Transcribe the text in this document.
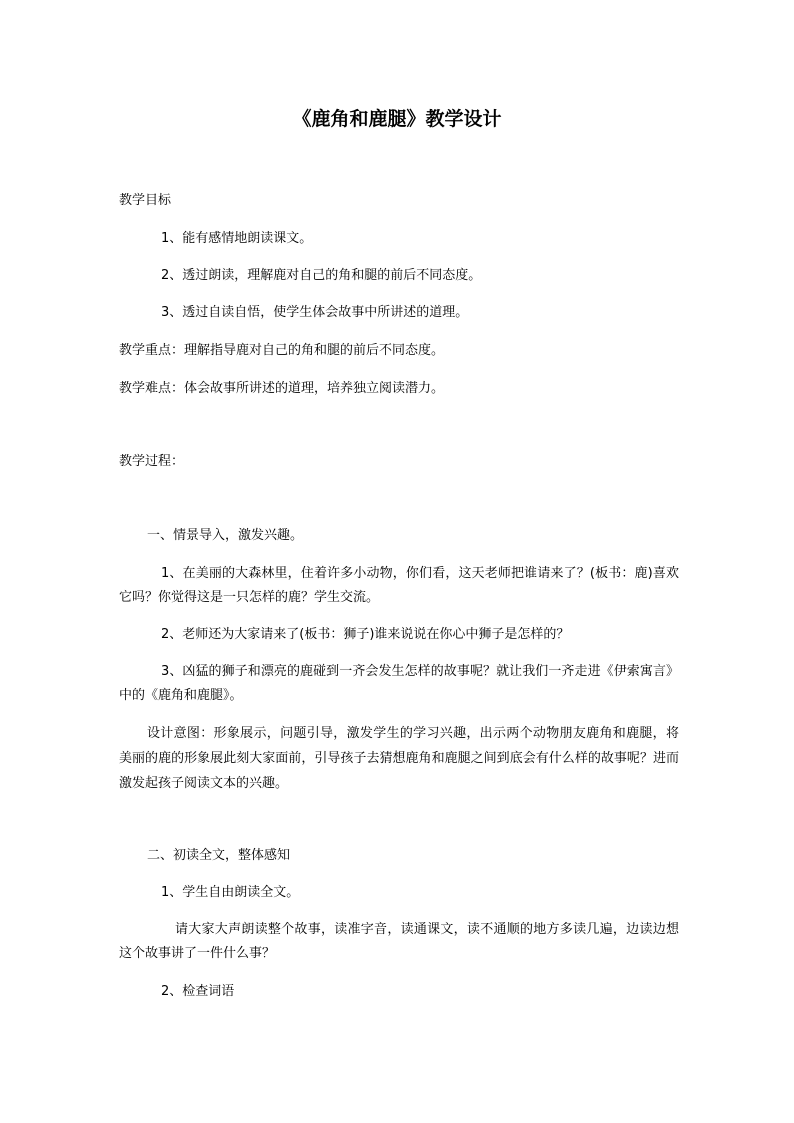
《鹿角和鹿腿》教学设计
教学目标
1、能有感情地朗读课文。
2、透过朗读，理解鹿对自己的角和腿的前后不同态度。
3、透过自读自悟，使学生体会故事中所讲述的道理。
教学重点：理解指导鹿对自己的角和腿的前后不同态度。
教学难点：体会故事所讲述的道理，培养独立阅读潜力。
教学过程：
一、情景导入，激发兴趣。
1、在美丽的大森林里，住着许多小动物，你们看，这天老师把谁请来了？(板书：鹿)喜欢它吗？你觉得这是一只怎样的鹿？学生交流。
2、老师还为大家请来了(板书：狮子)谁来说说在你心中狮子是怎样的？
3、凶猛的狮子和漂亮的鹿碰到一齐会发生怎样的故事呢？就让我们一齐走进《伊索寓言》中的《鹿角和鹿腿》。
设计意图：形象展示，问题引导，激发学生的学习兴趣，出示两个动物朋友鹿角和鹿腿，将美丽的鹿的形象展此刻大家面前，引导孩子去猜想鹿角和鹿腿之间到底会有什么样的故事呢？进而激发起孩子阅读文本的兴趣。
二、初读全文，整体感知
1、学生自由朗读全文。
请大家大声朗读整个故事，读准字音，读通课文，读不通顺的地方多读几遍，边读边想这个故事讲了一件什么事？
2、检查词语
